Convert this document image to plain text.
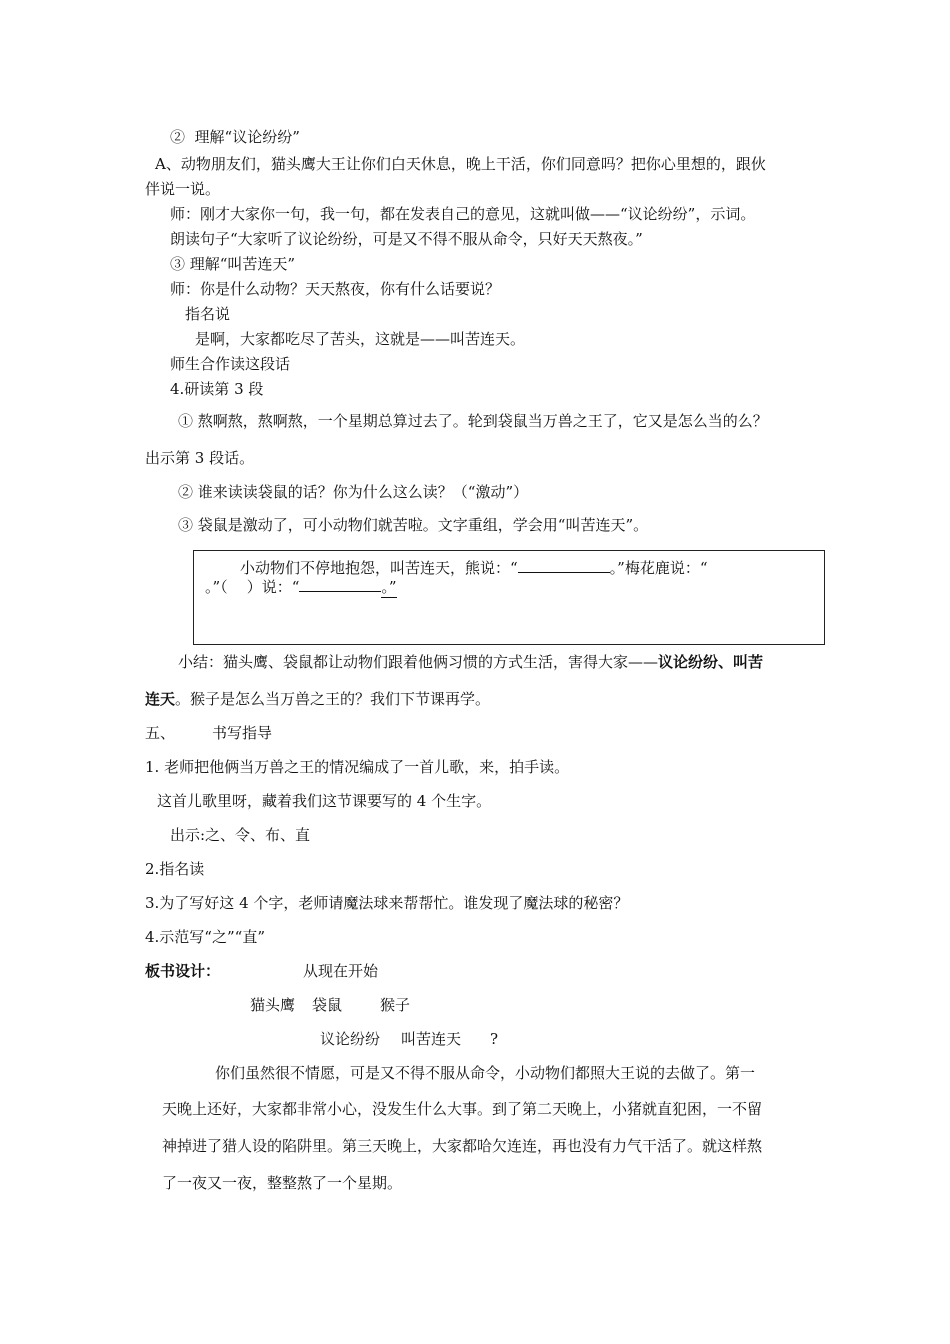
②  理解“议论纷纷”
A、动物朋友们，猫头鹰大王让你们白天休息，晚上干活，你们同意吗？把你心里想的，跟伙
伴说一说。
师：刚才大家你一句，我一句，都在发表自己的意见，这就叫做——“议论纷纷”，示词。
朗读句子“大家听了议论纷纷，可是又不得不服从命令，只好天天熬夜。”
③ 理解“叫苦连天”
师：你是什么动物？天天熬夜，你有什么话要说？
指名说
是啊，大家都吃尽了苦头，这就是——叫苦连天。
师生合作读这段话
4.研读第 3 段
① 熬啊熬，熬啊熬，一个星期总算过去了。轮到袋鼠当万兽之王了，它又是怎么当的么？
出示第 3 段话。
② 谁来读读袋鼠的话？你为什么这么读？（“激动”）
③ 袋鼠是激动了，可小动物们就苦啦。文字重组，学会用“叫苦连天”。
小动物们不停地抱怨，叫苦连天，熊说：“	。”梅花鹿说：“
。”（    ）说：“	。”
小结：猫头鹰、袋鼠都让动物们跟着他俩习惯的方式生活，害得大家——议论纷纷、叫苦
连天。猴子是怎么当万兽之王的？我们下节课再学。
五、 书写指导
1. 老师把他俩当万兽之王的情况编成了一首儿歌，来，拍手读。
这首儿歌里呀，藏着我们这节课要写的 4 个生字。
出示:之、令、布、直
2.指名读
3.为了写好这 4 个字，老师请魔法球来帮帮忙。谁发现了魔法球的秘密？
4.示范写“之”“直”
板书设计：	从现在开始
猫头鹰 袋鼠	猴子
议论纷纷 叫苦连天 ?
你们虽然很不情愿，可是又不得不服从命令，小动物们都照大王说的去做了。第一
天晚上还好，大家都非常小心，没发生什么大事。到了第二天晚上，小猪就直犯困，一不留
神掉进了猎人设的陷阱里。第三天晚上，大家都哈欠连连，再也没有力气干活了。就这样熬
了一夜又一夜，整整熬了一个星期。
